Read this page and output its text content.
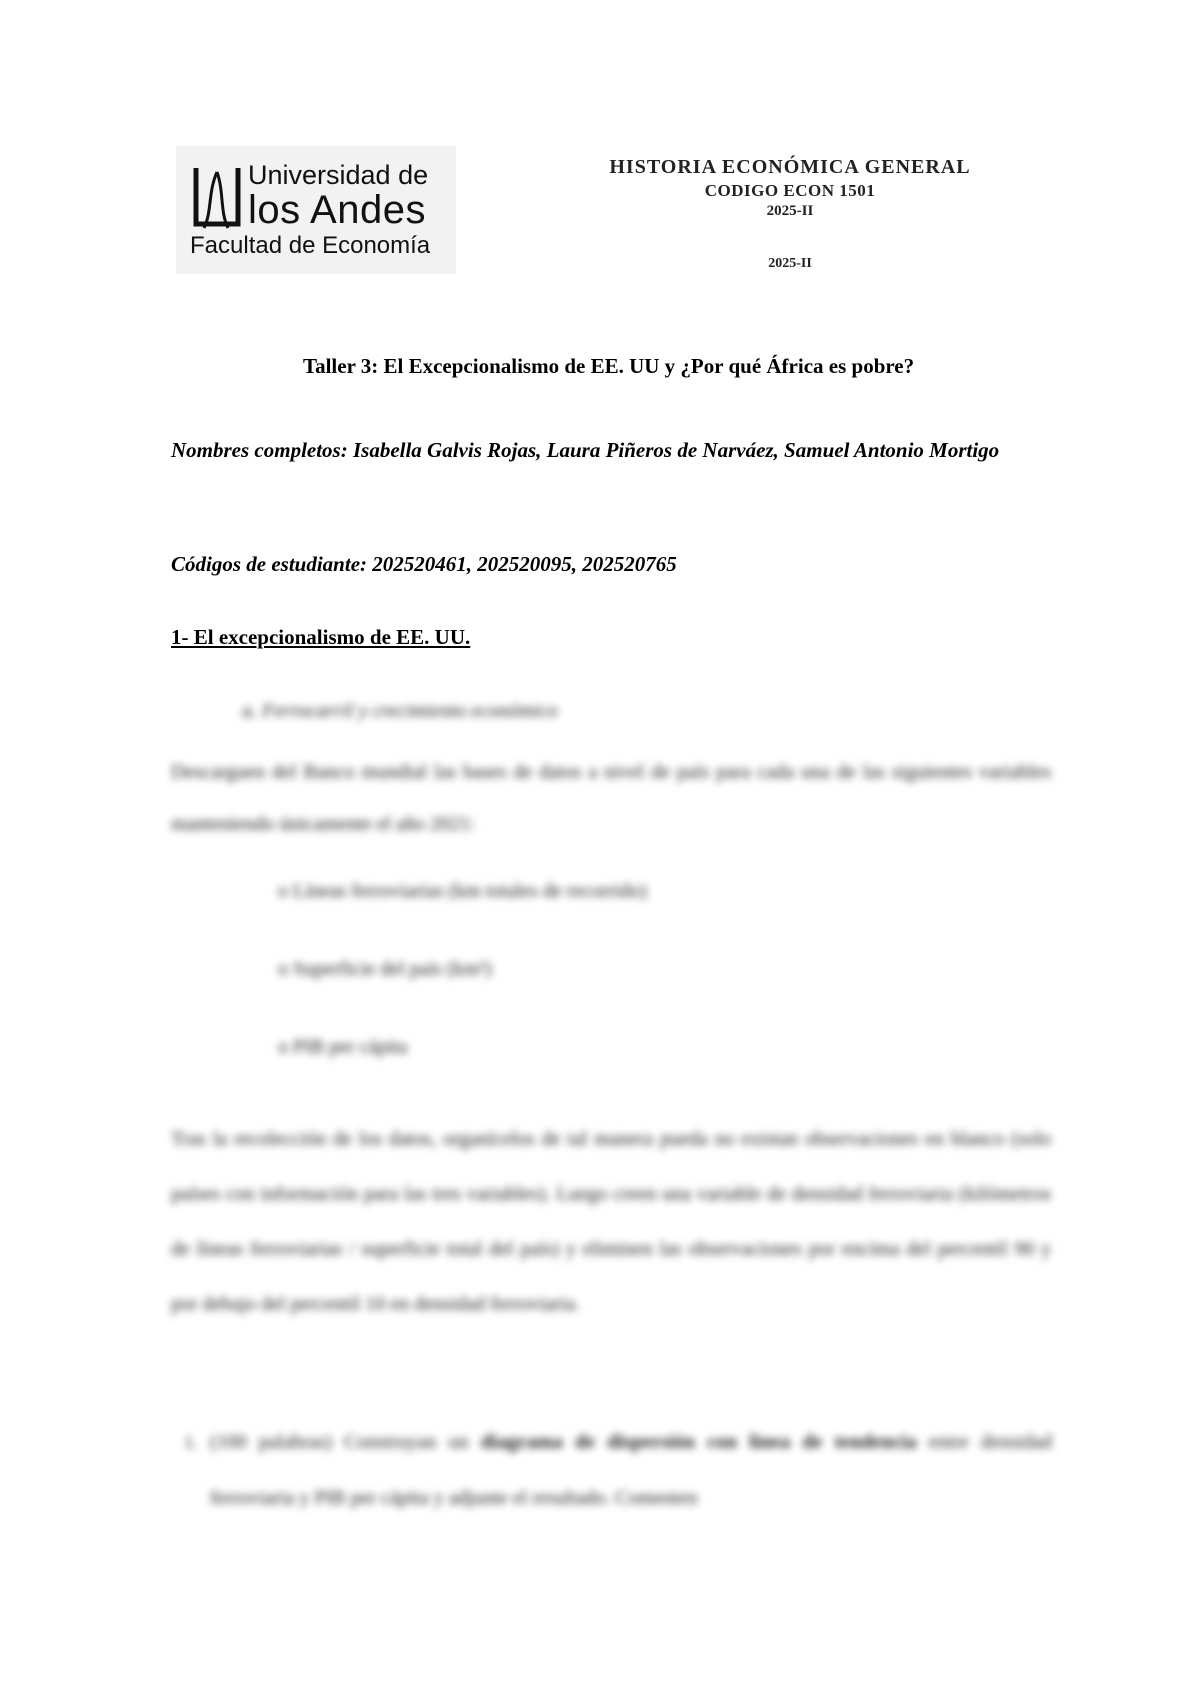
Universidad de
los Andes
Facultad de Economía
HISTORIA ECONÓMICA GENERAL
CODIGO ECON 1501
2025-II
2025-II
Taller 3: El Excepcionalismo de EE. UU y ¿Por qué África es pobre?
Nombres completos: Isabella Galvis Rojas, Laura Piñeros de Narváez, Samuel Antonio Mortigo
Códigos de estudiante: 202520461, 202520095, 202520765
1- El excepcionalismo de EE. UU.
a. Ferrocarril y crecimiento económico
Descarguen del Banco mundial las bases de datos a nivel de país para cada una de las siguientes variables manteniendo únicamente el año 2021:
o Líneas ferroviarias (km totales de recorrido)
o Superficie del país (km²)
o PIB per cápita
Tras la recolección de los datos, organícelos de tal manera pueda no existan observaciones en blanco (solo países con información para las tres variables). Luego creen una variable de densidad ferroviaria (kilómetros de líneas ferroviarias / superficie total del país) y eliminen las observaciones por encima del percentil 90 y por debajo del percentil 10 en densidad ferroviaria.
i. (100 palabras) Construyan un diagrama de dispersión con línea de tendencia entre densidad ferroviaria y PIB per cápita y adjunte el resultado. Comenten
